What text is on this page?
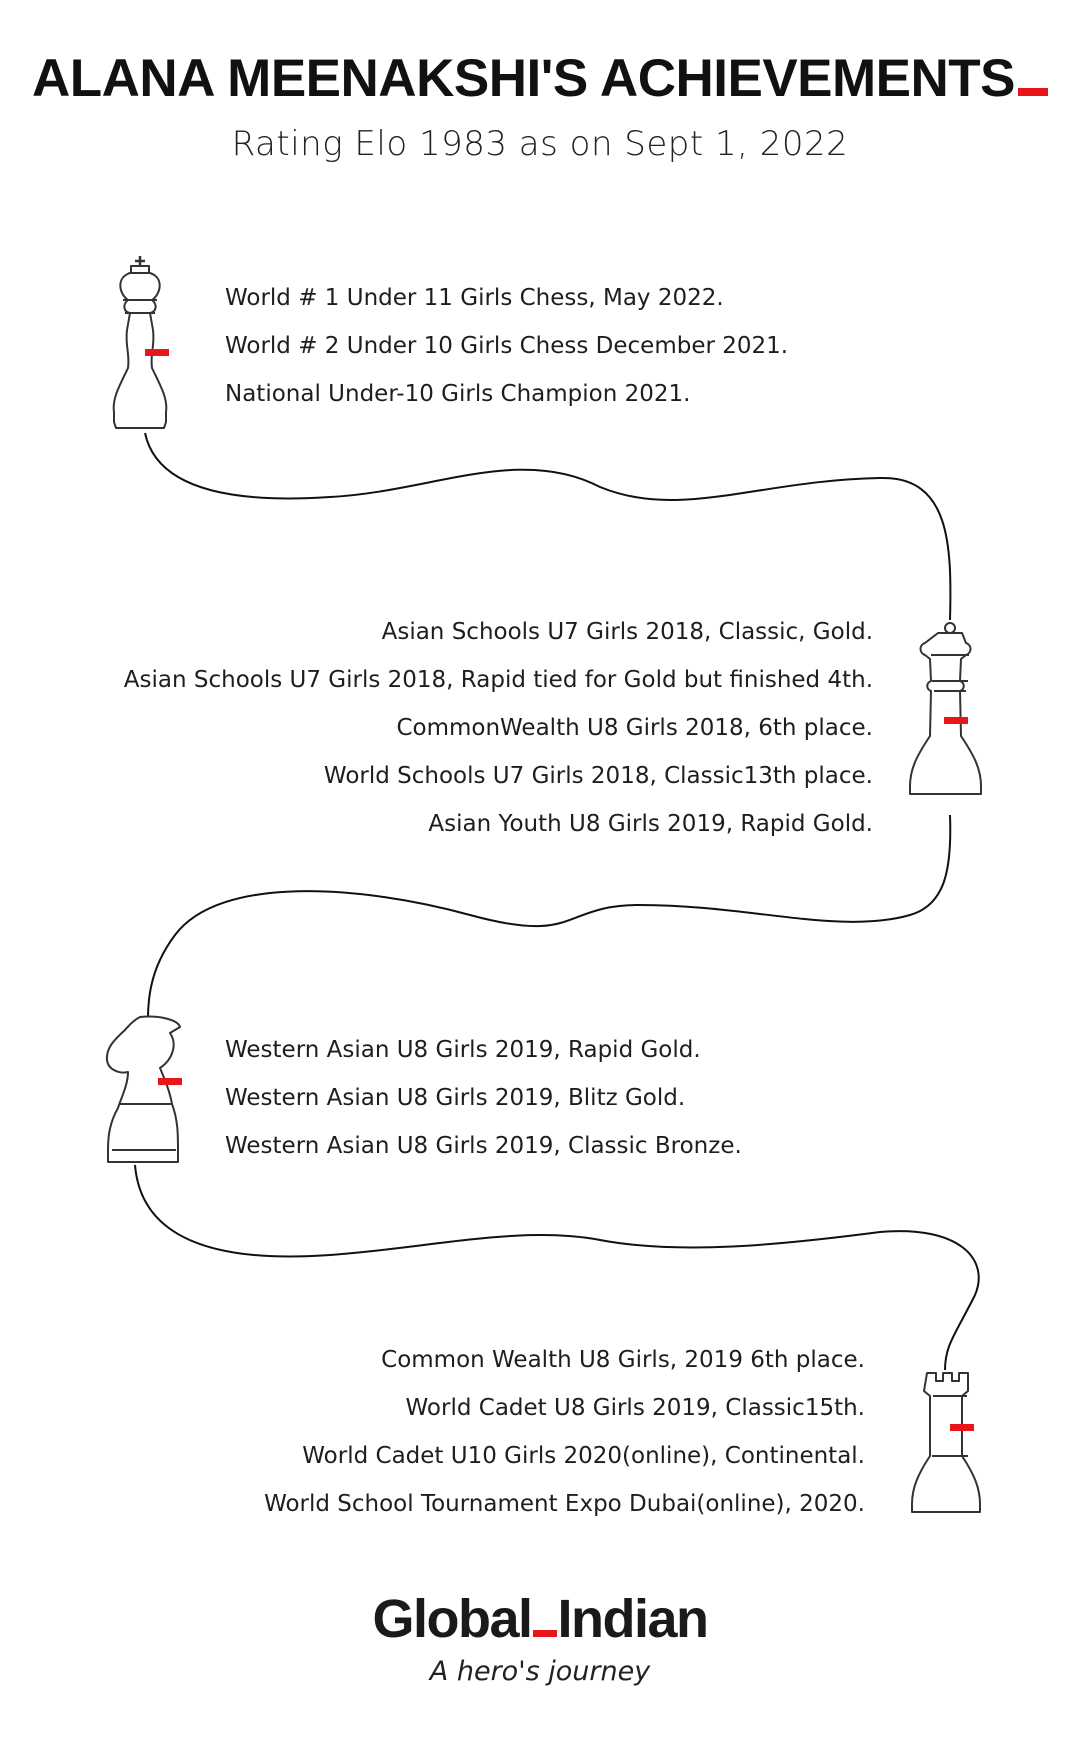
ALANA MEENAKSHI'S ACHIEVEMENTS
Rating Elo 1983 as on Sept 1, 2022
World # 1 Under 11 Girls Chess, May 2022.
World # 2 Under 10 Girls Chess December 2021.
National Under-10 Girls Champion 2021.
Asian Schools U7 Girls 2018, Classic, Gold.
Asian Schools U7 Girls 2018, Rapid tied for Gold but finished 4th.
CommonWealth U8 Girls 2018, 6th place.
World Schools U7 Girls 2018, Classic13th place.
Asian Youth U8 Girls 2019, Rapid Gold.
Western Asian U8 Girls 2019, Rapid Gold.
Western Asian U8 Girls 2019, Blitz Gold.
Western Asian U8 Girls 2019, Classic Bronze.
Common Wealth U8 Girls, 2019 6th place.
World Cadet U8 Girls 2019, Classic15th.
World Cadet U10 Girls 2020(online), Continental.
World School Tournament Expo Dubai(online), 2020.
Global Indian
A hero's journey
